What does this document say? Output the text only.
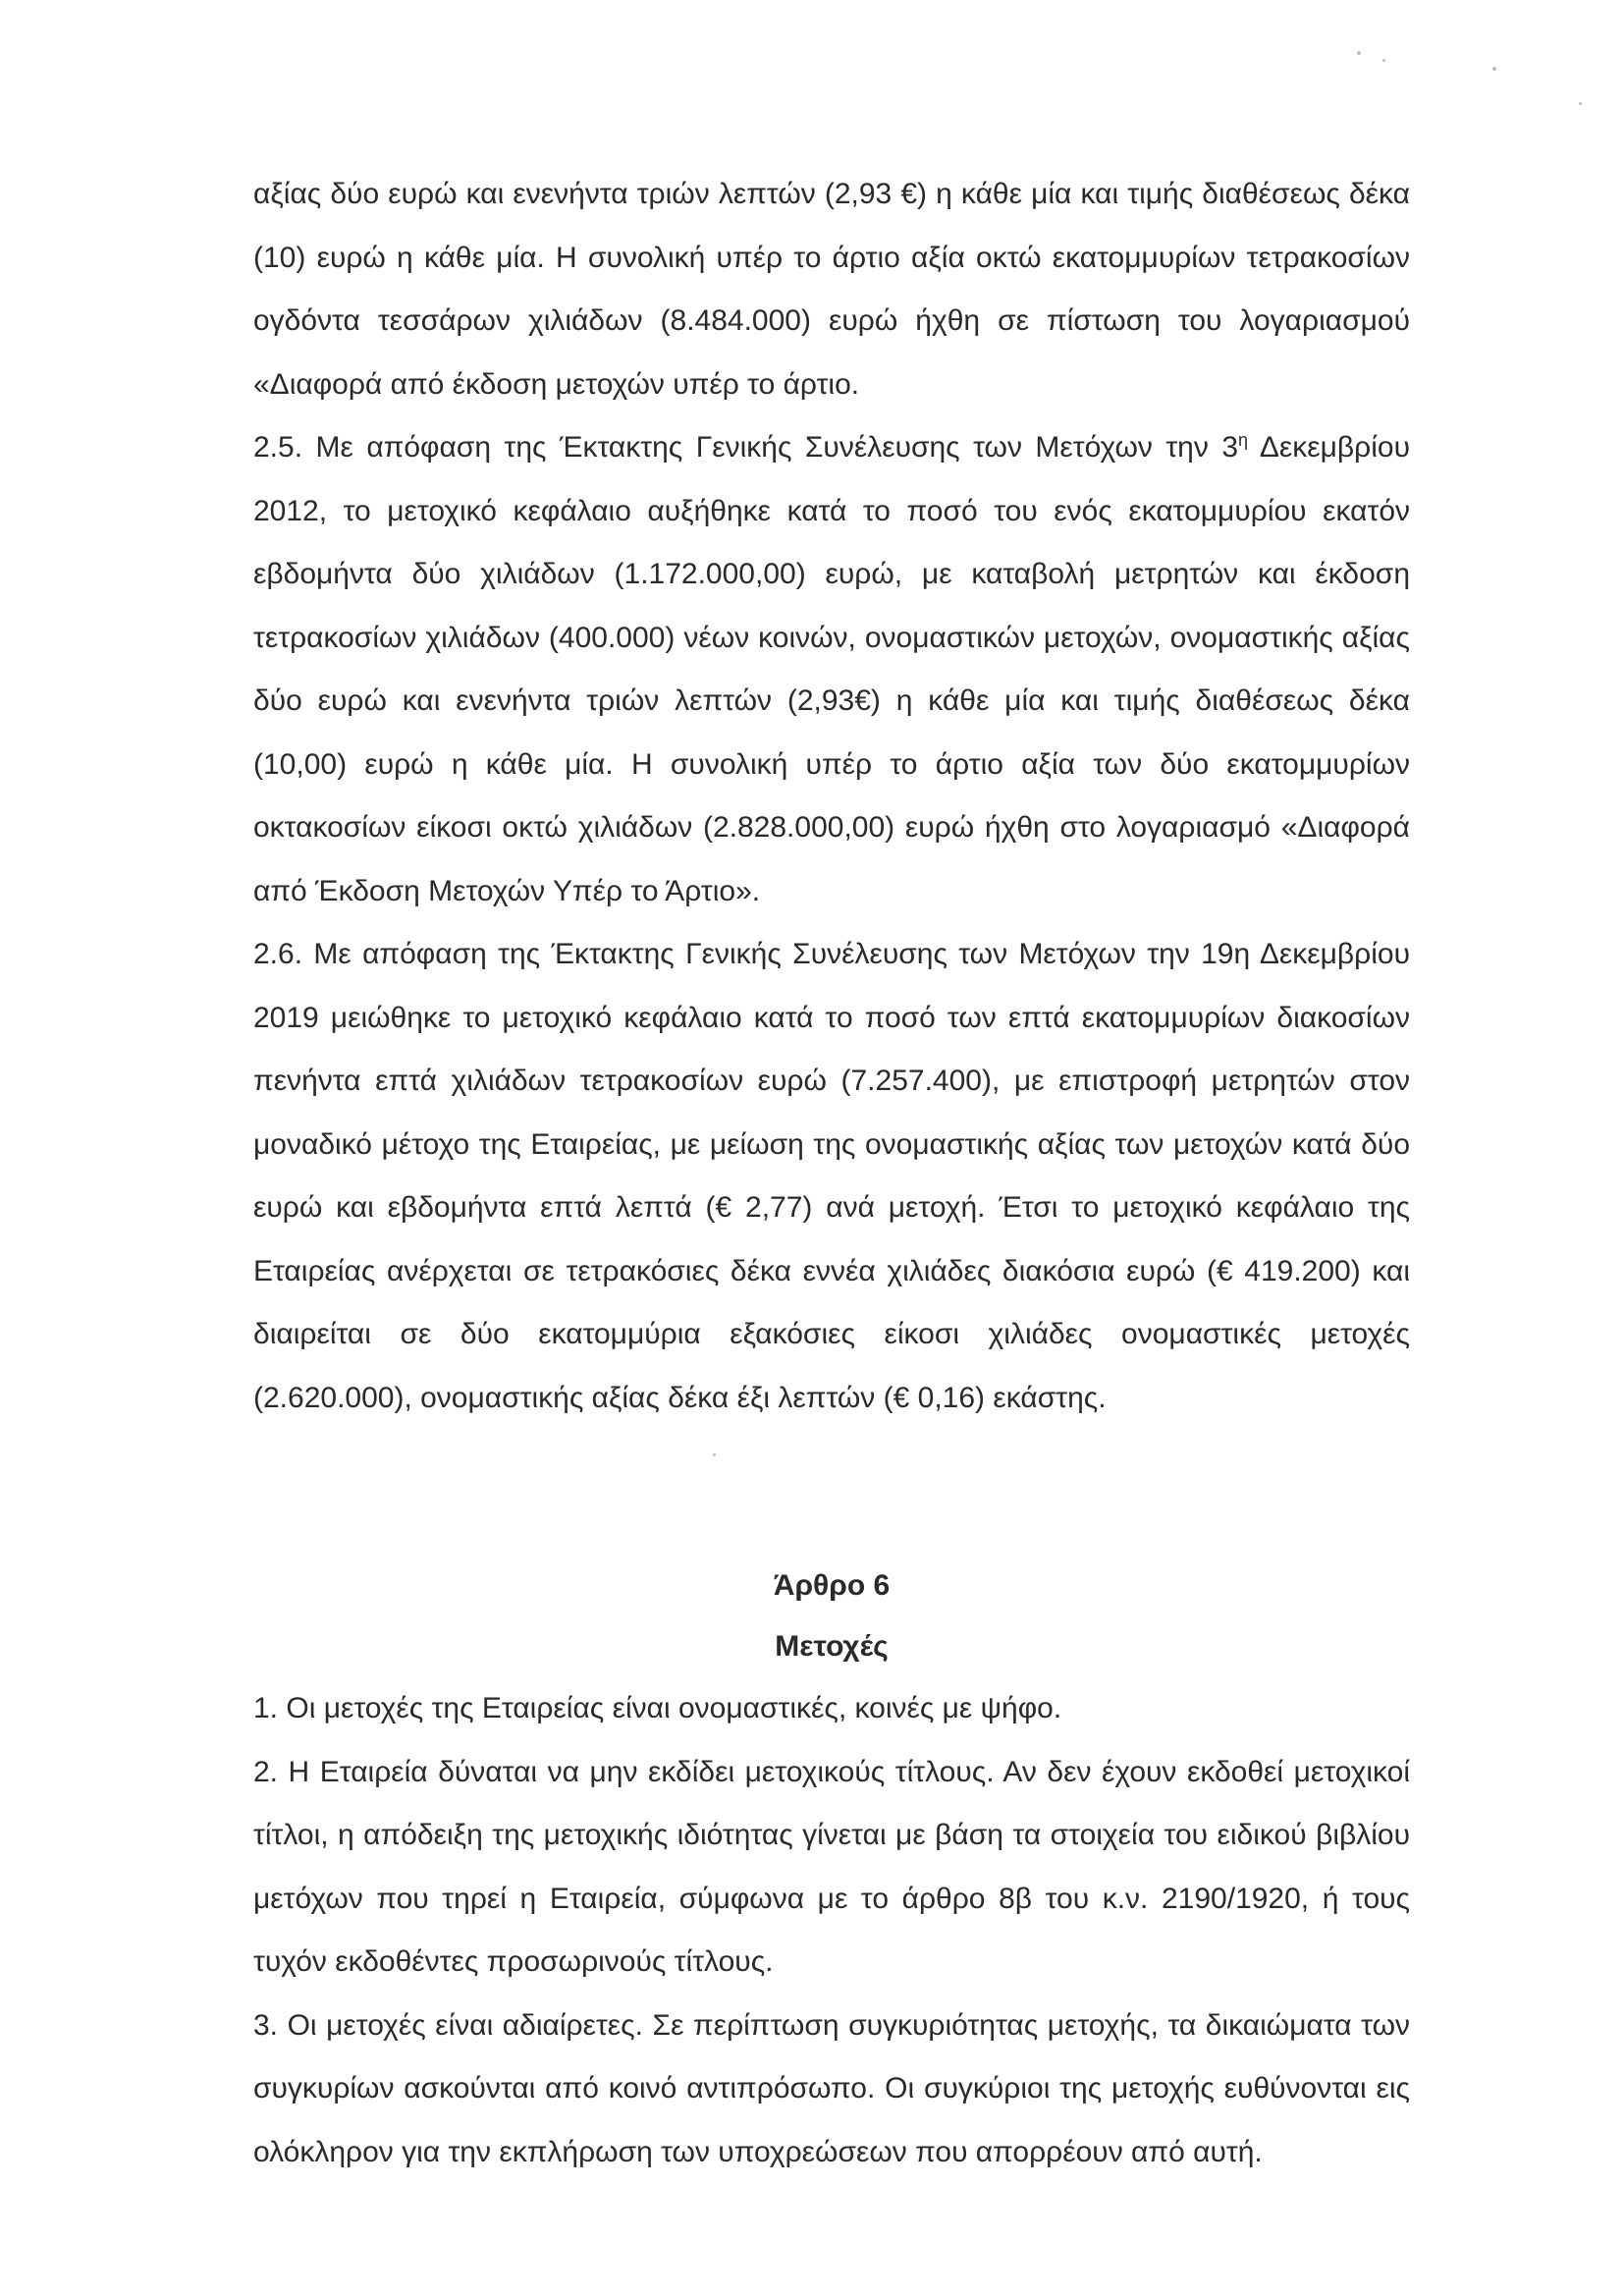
αξίας δύο ευρώ και ενενήντα τριών λεπτών (2,93 €) η κάθε μία και τιμής διαθέσεως δέκα (10) ευρώ η κάθε μία. Η συνολική υπέρ το άρτιο αξία οκτώ εκατομμυρίων τετρακοσίων ογδόντα τεσσάρων χιλιάδων (8.484.000) ευρώ ήχθη σε πίστωση του λογαριασμού «Διαφορά από έκδοση μετοχών υπέρ το άρτιο.

2.5. Με απόφαση της Έκτακτης Γενικής Συνέλευσης των Μετόχων την $3^\eta$ Δεκεμβρίου 2012, το μετοχικό κεφάλαιο αυξήθηκε κατά το ποσό του ενός εκατομμυρίου εκατόν εβδομήντα δύο χιλιάδων (1.172.000,00) ευρώ, με καταβολή μετρητών και έκδοση τετρακοσίων χιλιάδων (400.000) νέων κοινών, ονομαστικών μετοχών, ονομαστικής αξίας δύο ευρώ και ενενήντα τριών λεπτών (2,93€) η κάθε μία και τιμής διαθέσεως δέκα (10,00) ευρώ η κάθε μία. Η συνολική υπέρ το άρτιο αξία των δύο εκατομμυρίων οκτακοσίων είκοσι οκτώ χιλιάδων (2.828.000,00) ευρώ ήχθη στο λογαριασμό «Διαφορά από Έκδοση Μετοχών Υπέρ το Άρτιο».

2.6. Με απόφαση της Έκτακτης Γενικής Συνέλευσης των Μετόχων την 19η Δεκεμβρίου 2019 μειώθηκε το μετοχικό κεφάλαιο κατά το ποσό των επτά εκατομμυρίων διακοσίων πενήντα επτά χιλιάδων τετρακοσίων ευρώ (7.257.400), με επιστροφή μετρητών στον μοναδικό μέτοχο της Εταιρείας, με μείωση της ονομαστικής αξίας των μετοχών κατά δύο ευρώ και εβδομήντα επτά λεπτά (€ 2,77) ανά μετοχή. Έτσι το μετοχικό κεφάλαιο της Εταιρείας ανέρχεται σε τετρακόσιες δέκα εννέα χιλιάδες διακόσια ευρώ (€ 419.200) και διαιρείται σε δύο εκατομμύρια εξακόσιες είκοσι χιλιάδες ονομαστικές μετοχές (2.620.000), ονομαστικής αξίας δέκα έξι λεπτών (€ 0,16) εκάστης.

Άρθρο 6

Μετοχές

1. Οι μετοχές της Εταιρείας είναι ονομαστικές, κοινές με ψήφο.

2. Η Εταιρεία δύναται να μην εκδίδει μετοχικούς τίτλους. Αν δεν έχουν εκδοθεί μετοχικοί τίτλοι, η απόδειξη της μετοχικής ιδιότητας γίνεται με βάση τα στοιχεία του ειδικού βιβλίου μετόχων που τηρεί η Εταιρεία, σύμφωνα με το άρθρο 8β του κ.ν. 2190/1920, ή τους τυχόν εκδοθέντες προσωρινούς τίτλους.

3. Οι μετοχές είναι αδιαίρετες. Σε περίπτωση συγκυριότητας μετοχής, τα δικαιώματα των συγκυρίων ασκούνται από κοινό αντιπρόσωπο. Οι συγκύριοι της μετοχής ευθύνονται εις ολόκληρον για την εκπλήρωση των υποχρεώσεων που απορρέουν από αυτή.
